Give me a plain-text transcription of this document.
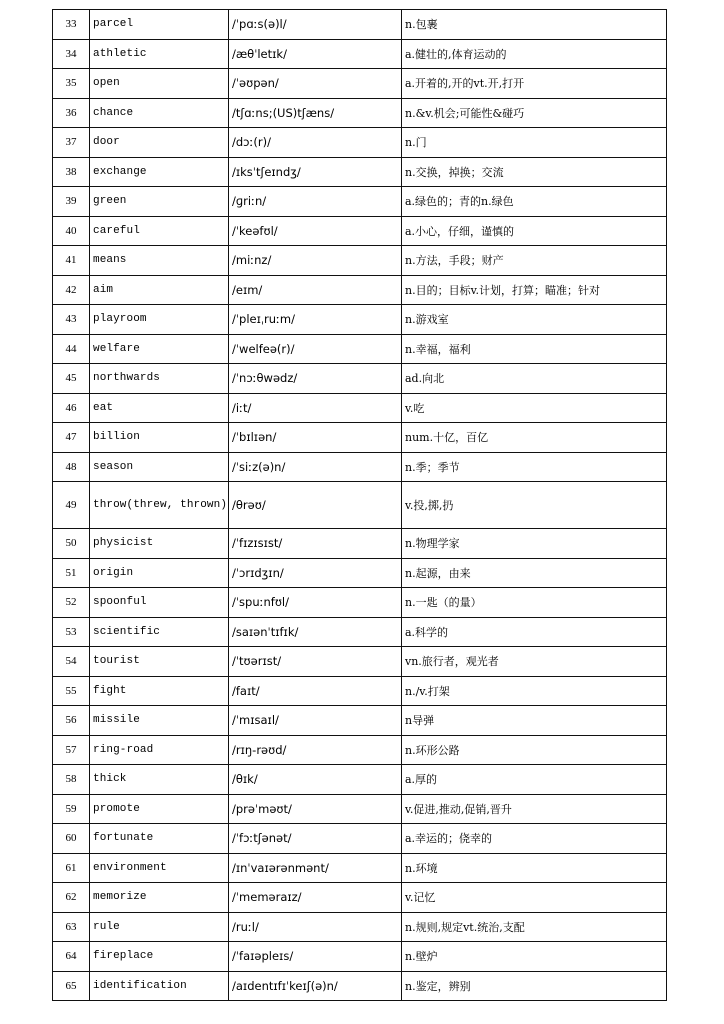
33	parcel	/ˈpɑːs(ə)l/	n.包裹
34	athletic	/æθˈletɪk/	a.健壮的,体育运动的
35	open	/ˈəʊpən/	a.开着的,开的vt.开,打开
36	chance	/tʃɑːns;(US)tʃæns/	n.&v.机会;可能性&碰巧
37	door	/dɔː(r)/	n.门
38	exchange	/ɪksˈtʃeɪndʒ/	n.交换，掉换；交流
39	green	/ɡriːn/	a.绿色的；青的n.绿色
40	careful	/ˈkeəfʊl/	a.小心，仔细，谨慎的
41	means	/miːnz/	n.方法，手段；财产
42	aim	/eɪm/	n.目的；目标v.计划，打算；瞄准；针对
43	playroom	/ˈpleɪˌruːm/	n.游戏室
44	welfare	/ˈwelfeə(r)/	n.幸福，福利
45	northwards	/ˈnɔːθwədz/	ad.向北
46	eat	/iːt/	v.吃
47	billion	/ˈbɪlɪən/	num.十亿，百亿
48	season	/ˈsiːz(ə)n/	n.季；季节
49	throw(threw, thrown)	/θrəʊ/	v.投,掷,扔
50	physicist	/ˈfɪzɪsɪst/	n.物理学家
51	origin	/ˈɔrɪdʒɪn/	n.起源，由来
52	spoonful	/ˈspuːnfʊl/	n.一匙（的量）
53	scientific	/saɪənˈtɪfɪk/	a.科学的
54	tourist	/ˈtʊərɪst/	vn.旅行者，观光者
55	fight	/faɪt/	n./v.打架
56	missile	/ˈmɪsaɪl/	n导弹
57	ring-road	/rɪŋ-rəʊd/	n.环形公路
58	thick	/θɪk/	a.厚的
59	promote	/prəˈməʊt/	v.促进,推动,促销,晋升
60	fortunate	/ˈfɔːtʃənət/	a.幸运的；侥幸的
61	environment	/ɪnˈvaɪərənmənt/	n.环境
62	memorize	/ˈmeməraɪz/	v.记忆
63	rule	/ruːl/	n.规则,规定vt.统治,支配
64	fireplace	/ˈfaɪəpleɪs/	n.壁炉
65	identification	/aɪdentɪfɪˈkeɪʃ(ə)n/	n.鉴定，辨别
